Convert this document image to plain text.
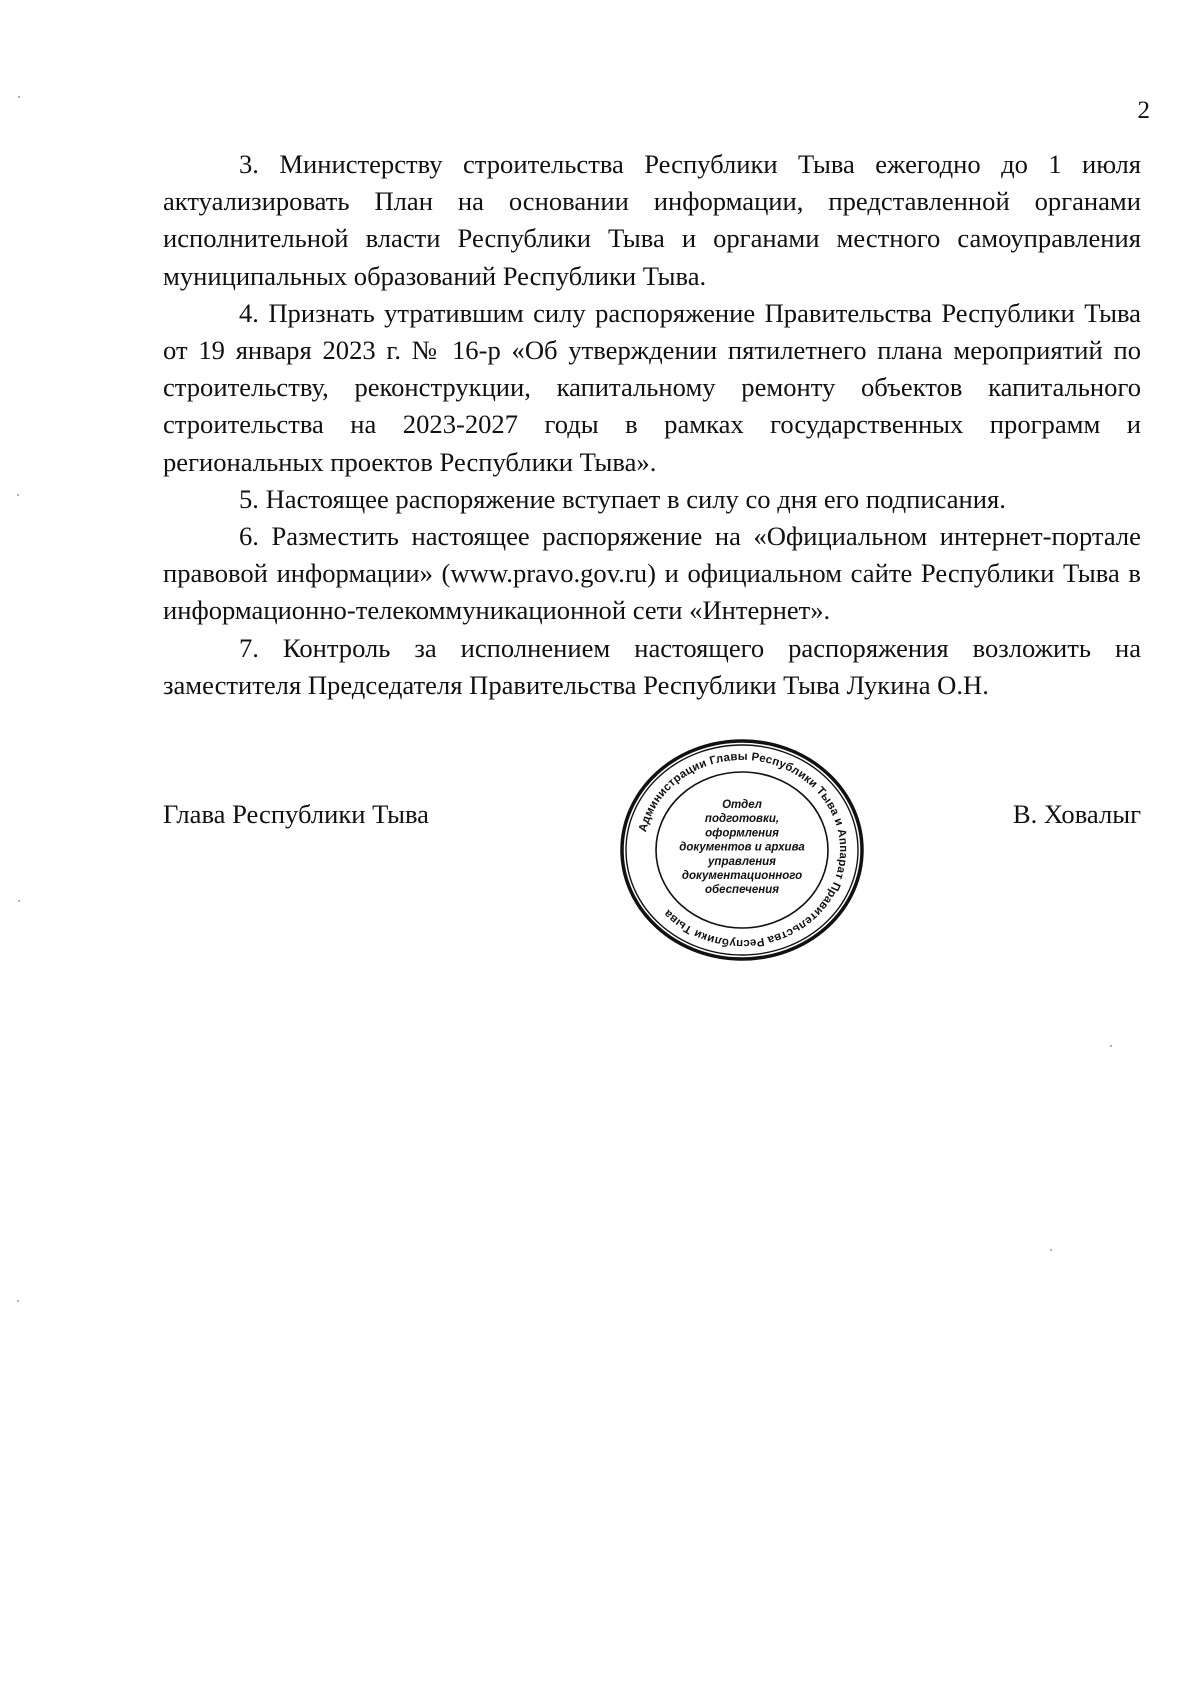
2

3. Министерству строительства Республики Тыва ежегодно до 1 июля актуализировать План на основании информации, представленной органами исполнительной власти Республики Тыва и органами местного самоуправления муниципальных образований Республики Тыва.

4. Признать утратившим силу распоряжение Правительства Республики Тыва от 19 января 2023 г. № 16-р «Об утверждении пятилетнего плана мероприятий по строительству, реконструкции, капитальному ремонту объектов капитального строительства на 2023-2027 годы в рамках государственных программ и региональных проектов Республики Тыва».

5. Настоящее распоряжение вступает в силу со дня его подписания.

6. Разместить настоящее распоряжение на «Официальном интернет-портале правовой информации» (www.pravo.gov.ru) и официальном сайте Республики Тыва в информационно-телекоммуникационной сети «Интернет».

7. Контроль за исполнением настоящего распоряжения возложить на заместителя Председателя Правительства Республики Тыва Лукина О.Н.

Глава Республики Тыва	В. Ховалыг
Администрации Главы Республики Тыва и Аппарат Правительства Республики Тыва
Отдел
подготовки,
оформления
документов и архива
управления
документационного
обеспечения
